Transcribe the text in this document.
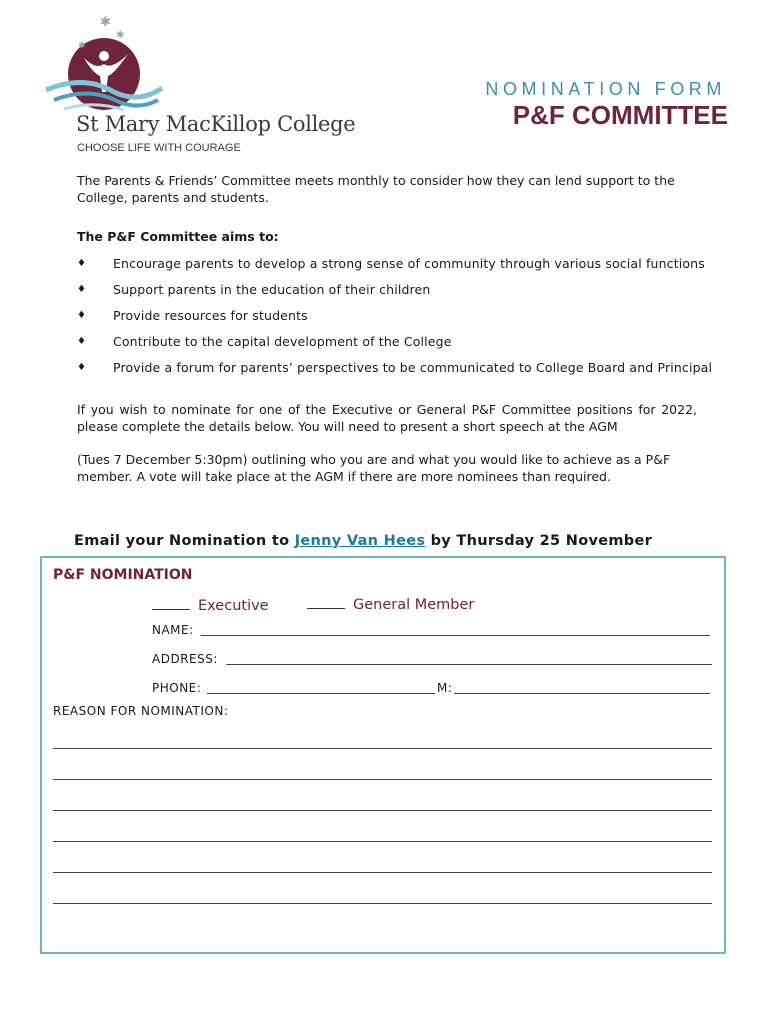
✱
✱
✱
St Mary MacKillop College
CHOOSE LIFE WITH COURAGE
NOMINATION FORM
P&F COMMITTEE
The Parents & Friends’ Committee meets monthly to consider how they can lend support to the College, parents and students.
The P&F Committee aims to:
♦ Encourage parents to develop a strong sense of community through various social functions
♦ Support parents in the education of their children
♦ Provide resources for students
♦ Contribute to the capital development of the College
♦ Provide a forum for parents’ perspectives to be communicated to College Board and Principal
If you wish to nominate for one of the Executive or General P&F Committee positions for 2022, please complete the details below. You will need to present a short speech at the AGM
(Tues 7 December 5:30pm) outlining who you are and what you would like to achieve as a P&F member. A vote will take place at the AGM if there are more nominees than required.
Email your Nomination to Jenny Van Hees by Thursday 25 November
P&F NOMINATION
Executive	General Member
NAME:
ADDRESS:
PHONE:	M:
REASON FOR NOMINATION:
